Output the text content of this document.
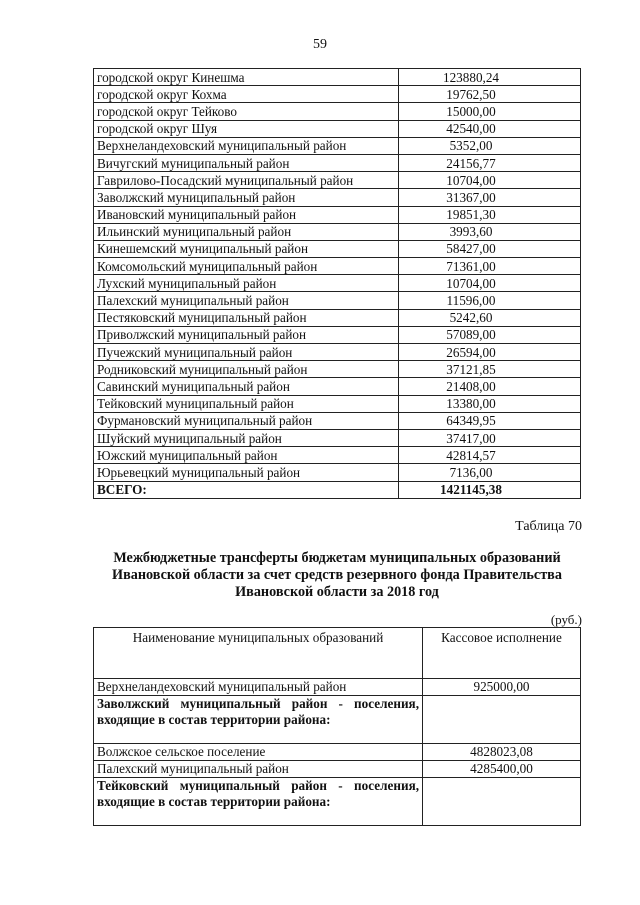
59
городской округ Кинешма	123880,24
городской округ Кохма	19762,50
городской округ Тейково	15000,00
городской округ Шуя	42540,00
Верхнеландеховский муниципальный район	5352,00
Вичугский муниципальный район	24156,77
Гаврилово-Посадский муниципальный район	10704,00
Заволжский муниципальный район	31367,00
Ивановский муниципальный район	19851,30
Ильинский муниципальный район	3993,60
Кинешемский муниципальный район	58427,00
Комсомольский муниципальный район	71361,00
Лухский муниципальный район	10704,00
Палехский муниципальный район	11596,00
Пестяковский муниципальный район	5242,60
Приволжский муниципальный район	57089,00
Пучежский муниципальный район	26594,00
Родниковский муниципальный район	37121,85
Савинский муниципальный район	21408,00
Тейковский муниципальный район	13380,00
Фурмановский муниципальный район	64349,95
Шуйский муниципальный район	37417,00
Южский муниципальный район	42814,57
Юрьевецкий муниципальный район	7136,00
ВСЕГО:	1421145,38
Таблица 70
Межбюджетные трансферты бюджетам муниципальных образований Ивановской области за счет средств резервного фонда Правительства Ивановской области за 2018 год
(руб.)
Наименование муниципальных образований	Кассовое исполнение
Верхнеландеховский муниципальный район	925000,00
Заволжский муниципальный район - поселения, входящие в состав территории района:	
Волжское сельское поселение	4828023,08
Палехский муниципальный район	4285400,00
Тейковский муниципальный район - поселения, входящие в состав территории района:	
